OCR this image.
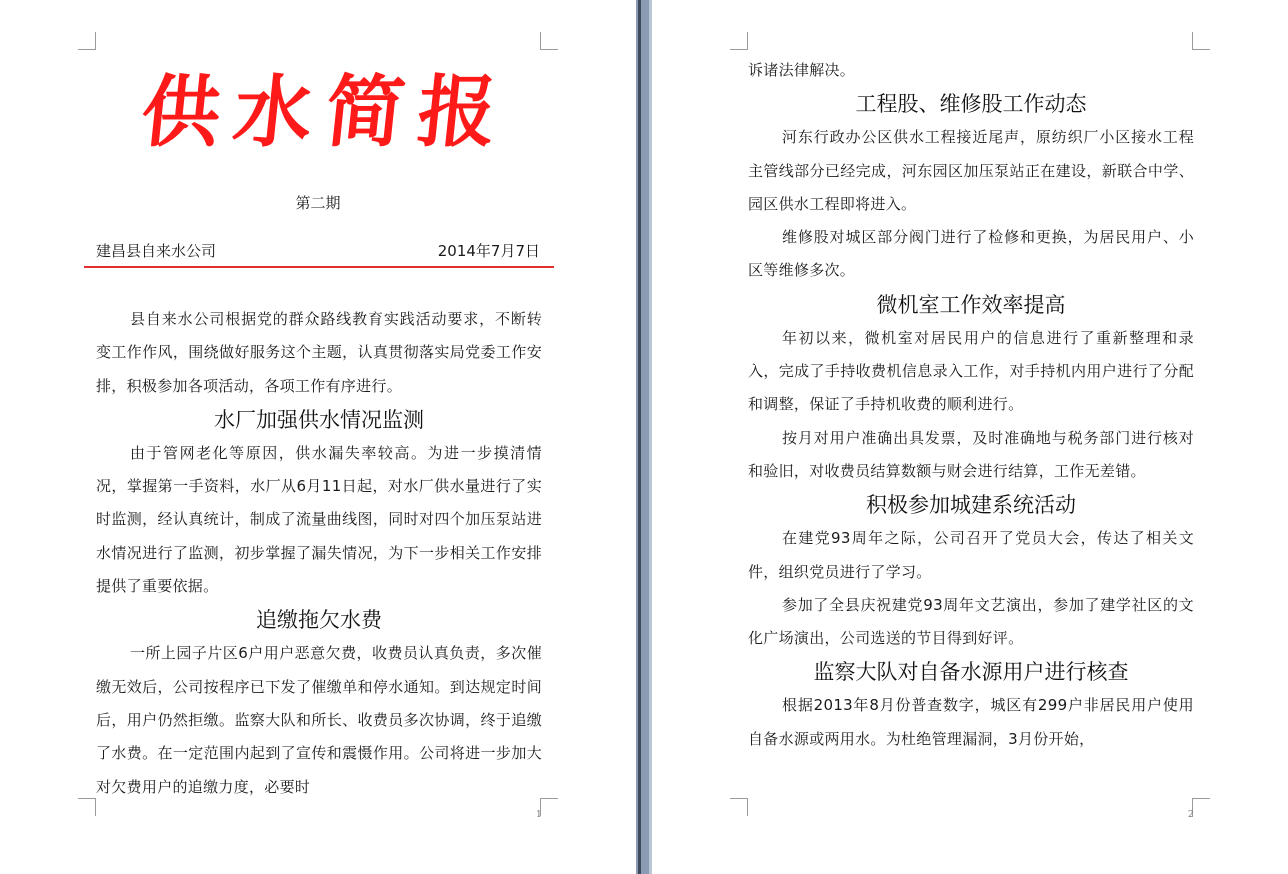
供水简报
第二期
建昌县自来水公司	2014年7月7日

县自来水公司根据党的群众路线教育实践活动要求，不断转变工作作风，围绕做好服务这个主题，认真贯彻落实局党委工作安排，积极参加各项活动，各项工作有序进行。

水厂加强供水情况监测

由于管网老化等原因，供水漏失率较高。为进一步摸清情况，掌握第一手资料，水厂从6月11日起，对水厂供水量进行了实时监测，经认真统计，制成了流量曲线图，同时对四个加压泵站进水情况进行了监测，初步掌握了漏失情况，为下一步相关工作安排提供了重要依据。

追缴拖欠水费

一所上园子片区6户用户恶意欠费，收费员认真负责，多次催缴无效后，公司按程序已下发了催缴单和停水通知。到达规定时间后，用户仍然拒缴。监察大队和所长、收费员多次协调，终于追缴了水费。在一定范围内起到了宣传和震慑作用。公司将进一步加大对欠费用户的追缴力度，必要时

1

诉诸法律解决。

工程股、维修股工作动态

河东行政办公区供水工程接近尾声，原纺织厂小区接水工程主管线部分已经完成，河东园区加压泵站正在建设，新联合中学、园区供水工程即将进入。

维修股对城区部分阀门进行了检修和更换，为居民用户、小区等维修多次。

微机室工作效率提高

年初以来，微机室对居民用户的信息进行了重新整理和录入，完成了手持收费机信息录入工作，对手持机内用户进行了分配和调整，保证了手持机收费的顺利进行。

按月对用户准确出具发票，及时准确地与税务部门进行核对和验旧，对收费员结算数额与财会进行结算，工作无差错。

积极参加城建系统活动

在建党93周年之际，公司召开了党员大会，传达了相关文件，组织党员进行了学习。

参加了全县庆祝建党93周年文艺演出，参加了建学社区的文化广场演出，公司选送的节目得到好评。

监察大队对自备水源用户进行核查

根据2013年8月份普查数字，城区有299户非居民用户使用自备水源或两用水。为杜绝管理漏洞，3月份开始，

2
